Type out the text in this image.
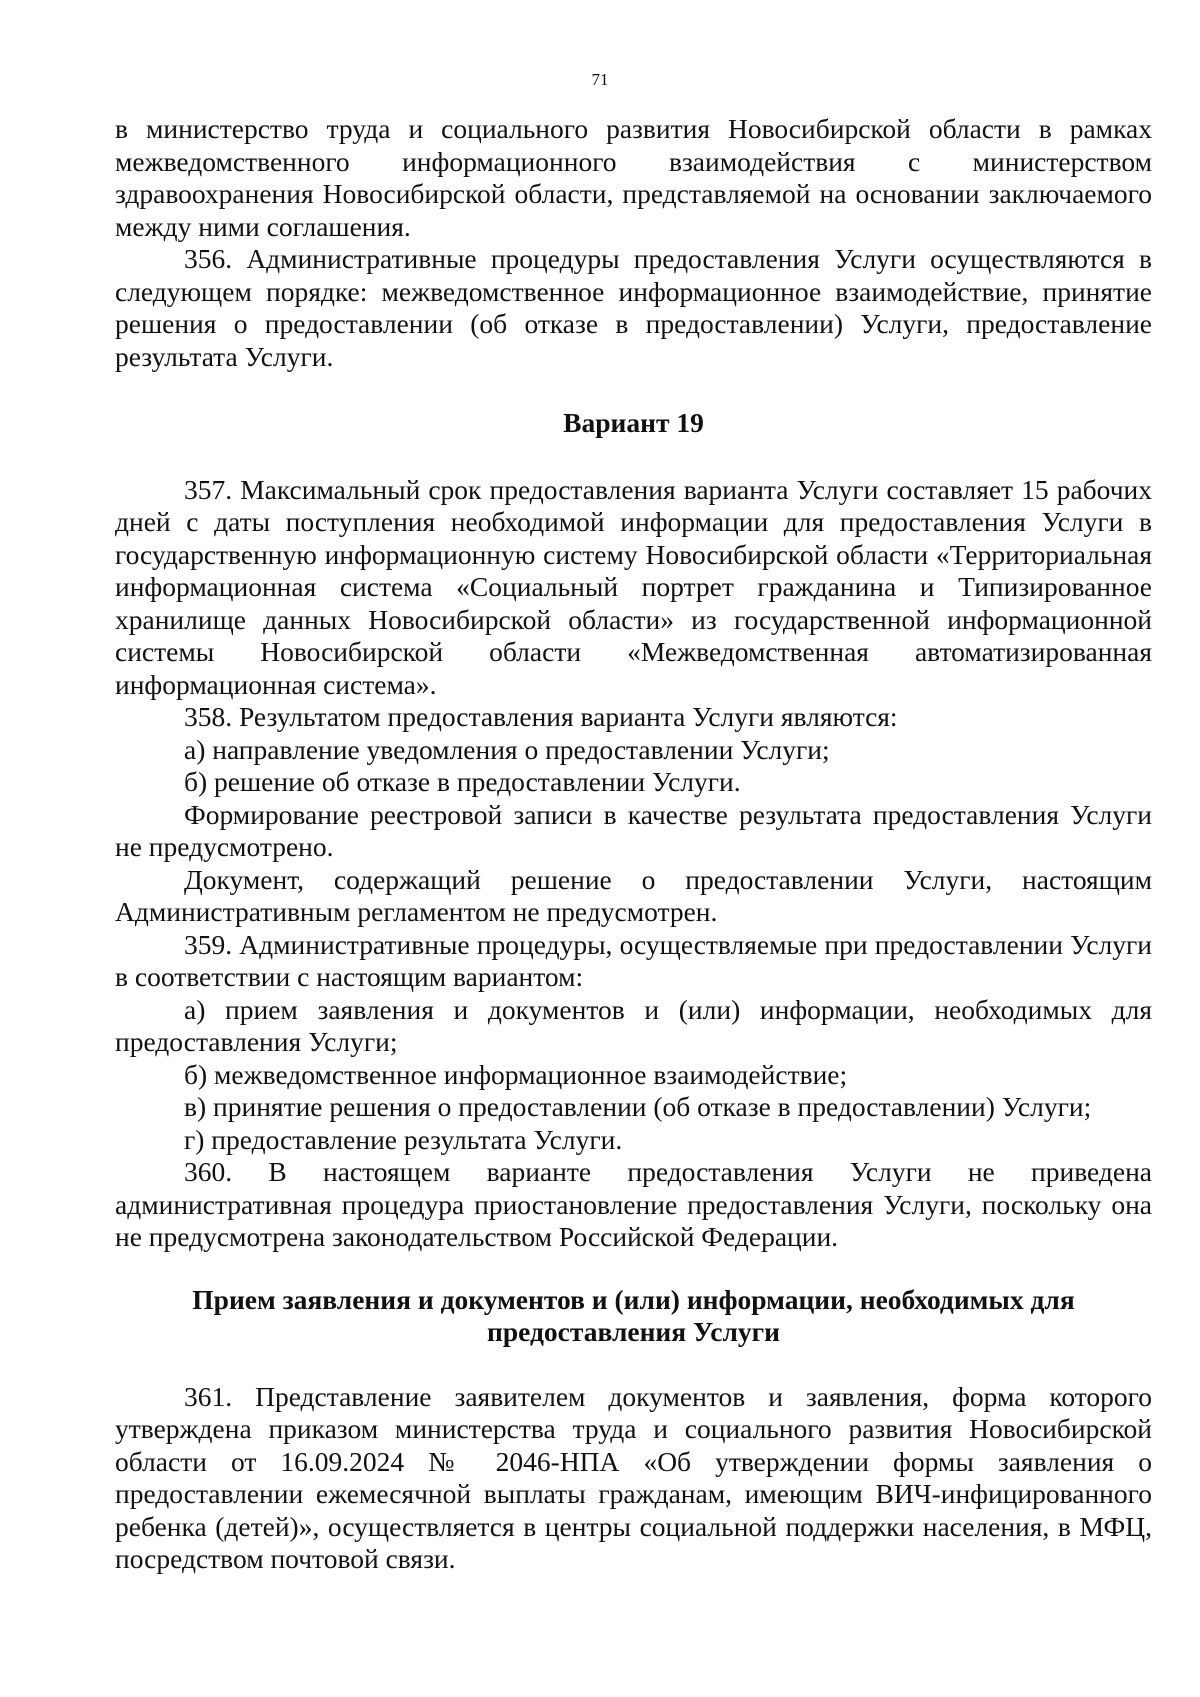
71

в министерство труда и социального развития Новосибирской области в рамках межведомственного информационного взаимодействия с министерством здравоохранения Новосибирской области, представляемой на основании заключаемого между ними соглашения.

356. Административные процедуры предоставления Услуги осуществляются в следующем порядке: межведомственное информационное взаимодействие, принятие решения о предоставлении (об отказе в предоставлении) Услуги, предоставление результата Услуги.

Вариант 19

357. Максимальный срок предоставления варианта Услуги составляет 15 рабочих дней с даты поступления необходимой информации для предоставления Услуги в государственную информационную систему Новосибирской области «Территориальная информационная система «Социальный портрет гражданина и Типизированное хранилище данных Новосибирской области» из государственной информационной системы Новосибирской области «Межведомственная автоматизированная информационная система».

358. Результатом предоставления варианта Услуги являются:

а) направление уведомления о предоставлении Услуги;

б) решение об отказе в предоставлении Услуги.

Формирование реестровой записи в качестве результата предоставления Услуги не предусмотрено.

Документ, содержащий решение о предоставлении Услуги, настоящим Административным регламентом не предусмотрен.

359. Административные процедуры, осуществляемые при предоставлении Услуги в соответствии с настоящим вариантом:

а) прием заявления и документов и (или) информации, необходимых для предоставления Услуги;

б) межведомственное информационное взаимодействие;

в) принятие решения о предоставлении (об отказе в предоставлении) Услуги;

г) предоставление результата Услуги.

360. В настоящем варианте предоставления Услуги не приведена административная процедура приостановление предоставления Услуги, поскольку она не предусмотрена законодательством Российской Федерации.

Прием заявления и документов и (или) информации, необходимых для
предоставления Услуги

361. Представление заявителем документов и заявления, форма которого утверждена приказом министерства труда и социального развития Новосибирской области от 16.09.2024 № 2046-НПА «Об утверждении формы заявления о предоставлении ежемесячной выплаты гражданам, имеющим ВИЧ-инфицированного ребенка (детей)», осуществляется в центры социальной поддержки населения, в МФЦ, посредством почтовой связи.
